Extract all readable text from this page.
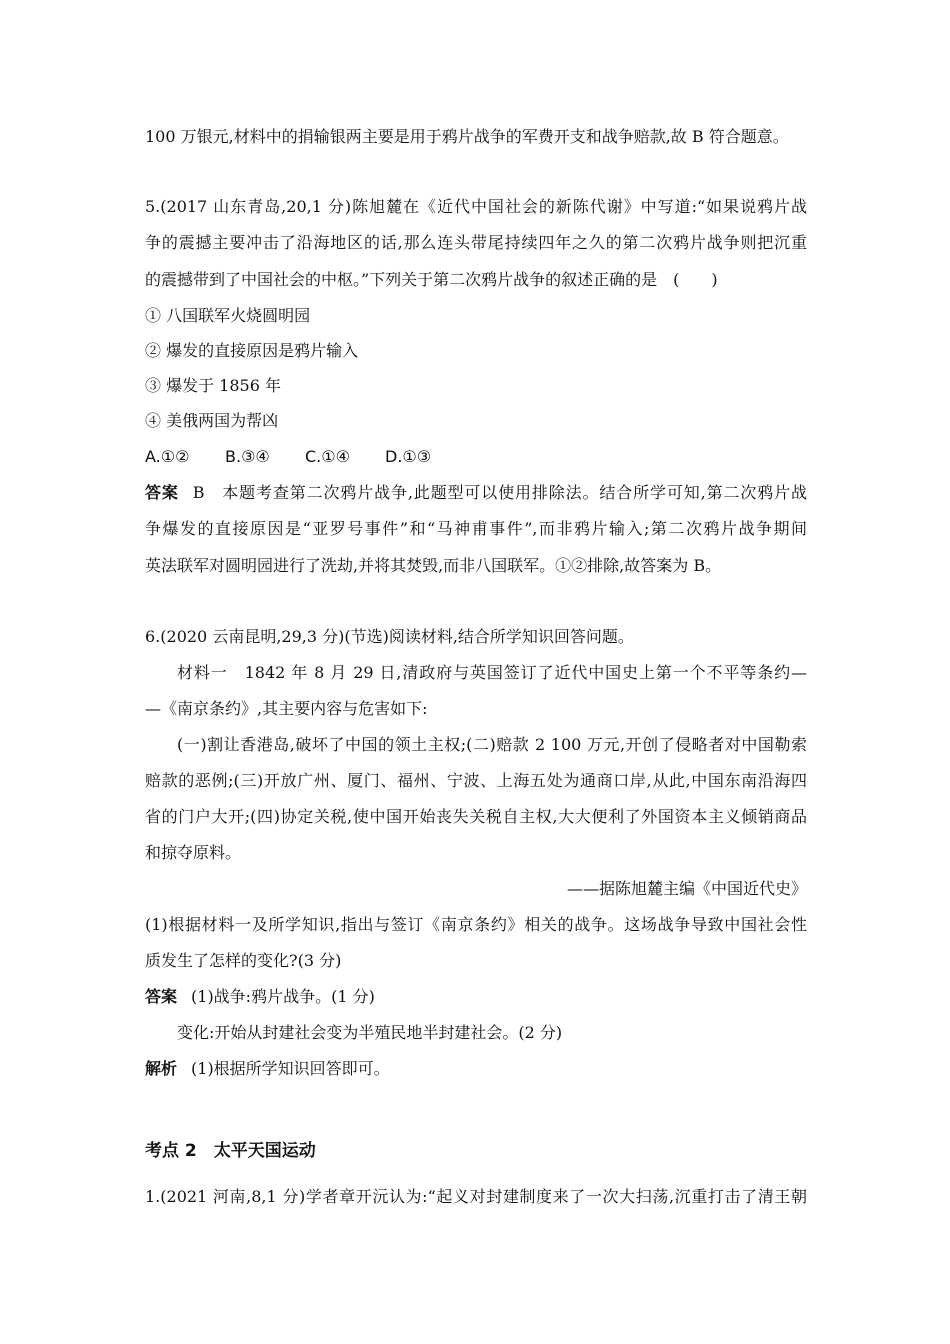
100 万银元,材料中的捐输银两主要是用于鸦片战争的军费开支和战争赔款,故 B 符合题意。
5.(2017 山东青岛,20,1 分)陈旭麓在《近代中国社会的新陈代谢》中写道:“如果说鸦片战
争的震撼主要冲击了沿海地区的话,那么连头带尾持续四年之久的第二次鸦片战争则把沉重
的震撼带到了中国社会的中枢。”下列关于第二次鸦片战争的叙述正确的是　(　　)
① 八国联军火烧圆明园
② 爆发的直接原因是鸦片输入
③ 爆发于 1856 年
④ 美俄两国为帮凶
A.①② B.③④ C.①④ D.①③
答案 B　本题考查第二次鸦片战争,此题型可以使用排除法。结合所学可知,第二次鸦片战
争爆发的直接原因是“亚罗号事件”和“马神甫事件”,而非鸦片输入;第二次鸦片战争期间
英法联军对圆明园进行了洗劫,并将其焚毁,而非八国联军。①②排除,故答案为 B。
6.(2020 云南昆明,29,3 分)(节选)阅读材料,结合所学知识回答问题。
材料一　1842 年 8 月 29 日,清政府与英国签订了近代中国史上第一个不平等条约—
—《南京条约》,其主要内容与危害如下:
(一)割让香港岛,破坏了中国的领土主权;(二)赔款 2 100 万元,开创了侵略者对中国勒索
赔款的恶例;(三)开放广州、厦门、福州、宁波、上海五处为通商口岸,从此,中国东南沿海四
省的门户大开;(四)协定关税,使中国开始丧失关税自主权,大大便利了外国资本主义倾销商品
和掠夺原料。
——据陈旭麓主编《中国近代史》
(1)根据材料一及所学知识,指出与签订《南京条约》相关的战争。这场战争导致中国社会性
质发生了怎样的变化?(3 分)
答案 (1)战争:鸦片战争。(1 分)
变化:开始从封建社会变为半殖民地半封建社会。(2 分)
解析 (1)根据所学知识回答即可。
考点 2　太平天国运动
1.(2021 河南,8,1 分)学者章开沅认为:“起义对封建制度来了一次大扫荡,沉重打击了清王朝
